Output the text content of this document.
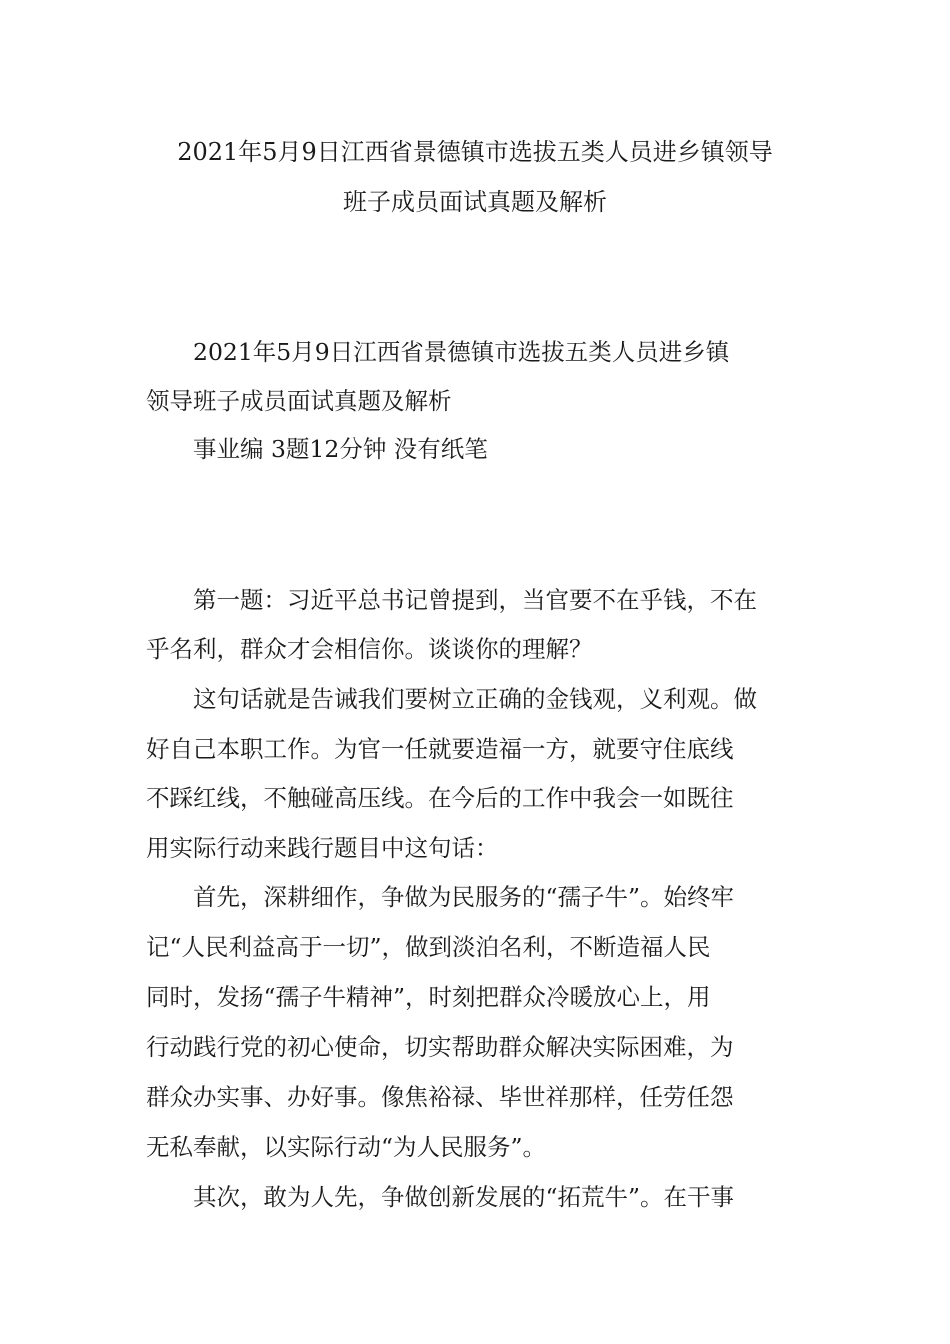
2021年5月9日江西省景德镇市选拔五类人员进乡镇领导
班子成员面试真题及解析

2021年5月9日江西省景德镇市选拔五类人员进乡镇

领导班子成员面试真题及解析

事业编 3题12分钟 没有纸笔

第一题：习近平总书记曾提到，当官要不在乎钱，不在

乎名利，群众才会相信你。谈谈你的理解？

这句话就是告诫我们要树立正确的金钱观，义利观。做

好自己本职工作。为官一任就要造福一方，就要守住底线

不踩红线，不触碰高压线。在今后的工作中我会一如既往

用实际行动来践行题目中这句话：

首先，深耕细作，争做为民服务的“孺子牛”。始终牢

记“人民利益高于一切”，做到淡泊名利，不断造福人民

同时，发扬“孺子牛精神”，时刻把群众冷暖放心上，用

行动践行党的初心使命，切实帮助群众解决实际困难，为

群众办实事、办好事。像焦裕禄、毕世祥那样，任劳任怨

无私奉献，以实际行动“为人民服务”。

其次，敢为人先，争做创新发展的“拓荒牛”。在干事
